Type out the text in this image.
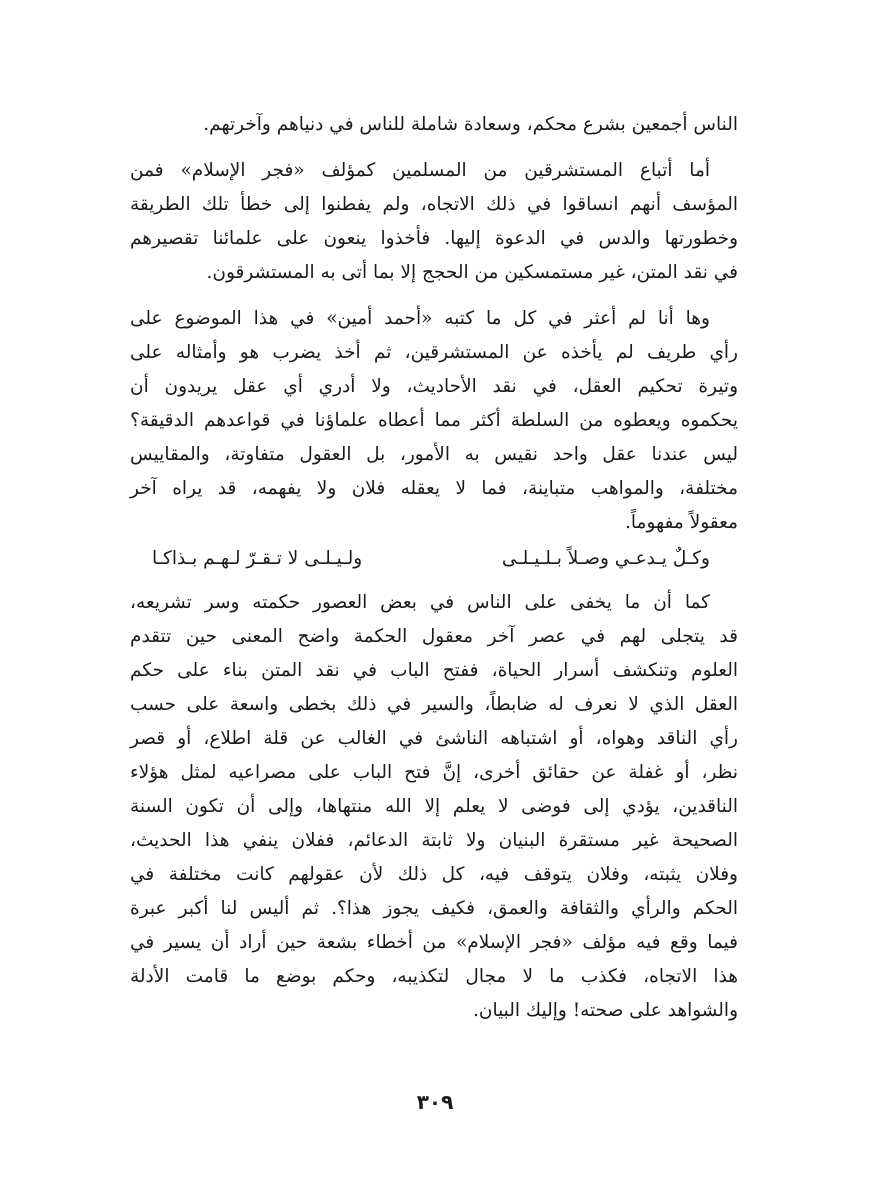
الناس أجمعين بشرع محكم، وسعادة شاملة للناس في دنياهم وآخرتهم.
أما أتباع المستشرقين من المسلمين كمؤلف «فجر الإسلام» فمن
المؤسف أنهم انساقوا في ذلك الاتجاه، ولم يفطنوا إلى خطأ تلك الطريقة
وخطورتها والدس في الدعوة إليها. فأخذوا ينعون على علمائنا تقصيرهم
في نقد المتن، غير مستمسكين من الحجج إلا بما أتى به المستشرقون.
وها أنا لم أعثر في كل ما كتبه «أحمد أمين» في هذا الموضوع على
رأي طريف لم يأخذه عن المستشرقين، ثم أخذ يضرب هو وأمثاله على
وتيرة تحكيم العقل، في نقد الأحاديث، ولا أدري أي عقل يريدون أن
يحكموه ويعطوه من السلطة أكثر مما أعطاه علماؤنا في قواعدهم الدقيقة؟
ليس عندنا عقل واحد نقيس به الأمور، بل العقول متفاوتة، والمقاييس
مختلفة، والمواهب متباينة، فما لا يعقله فلان ولا يفهمه، قد يراه آخر
معقولاً مفهوماً.
وكـلٌ يـدعـي وصـلاً بـلـيـلـى
ولـيـلـى لا تـقـرّ لـهـم بـذاكـا
كما أن ما يخفى على الناس في بعض العصور حكمته وسر تشريعه،
قد يتجلى لهم في عصر آخر معقول الحكمة واضح المعنى حين تتقدم
العلوم وتنكشف أسرار الحياة، ففتح الباب في نقد المتن بناء على حكم
العقل الذي لا نعرف له ضابطاً، والسير في ذلك بخطى واسعة على حسب
رأي الناقد وهواه، أو اشتباهه الناشئ في الغالب عن قلة اطلاع، أو قصر
نظر، أو غفلة عن حقائق أخرى، إنَّ فتح الباب على مصراعيه لمثل هؤلاء
الناقدين، يؤدي إلى فوضى لا يعلم إلا الله منتهاها، وإلى أن تكون السنة
الصحيحة غير مستقرة البنيان ولا ثابتة الدعائم، ففلان ينفي هذا الحديث،
وفلان يثبته، وفلان يتوقف فيه، كل ذلك لأن عقولهم كانت مختلفة في
الحكم والرأي والثقافة والعمق، فكيف يجوز هذا؟. ثم أليس لنا أكبر عبرة
فيما وقع فيه مؤلف «فجر الإسلام» من أخطاء بشعة حين أراد أن يسير في
هذا الاتجاه، فكذب ما لا مجال لتكذيبه، وحكم بوضع ما قامت الأدلة
والشواهد على صحته! وإليك البيان.
٣٠٩
